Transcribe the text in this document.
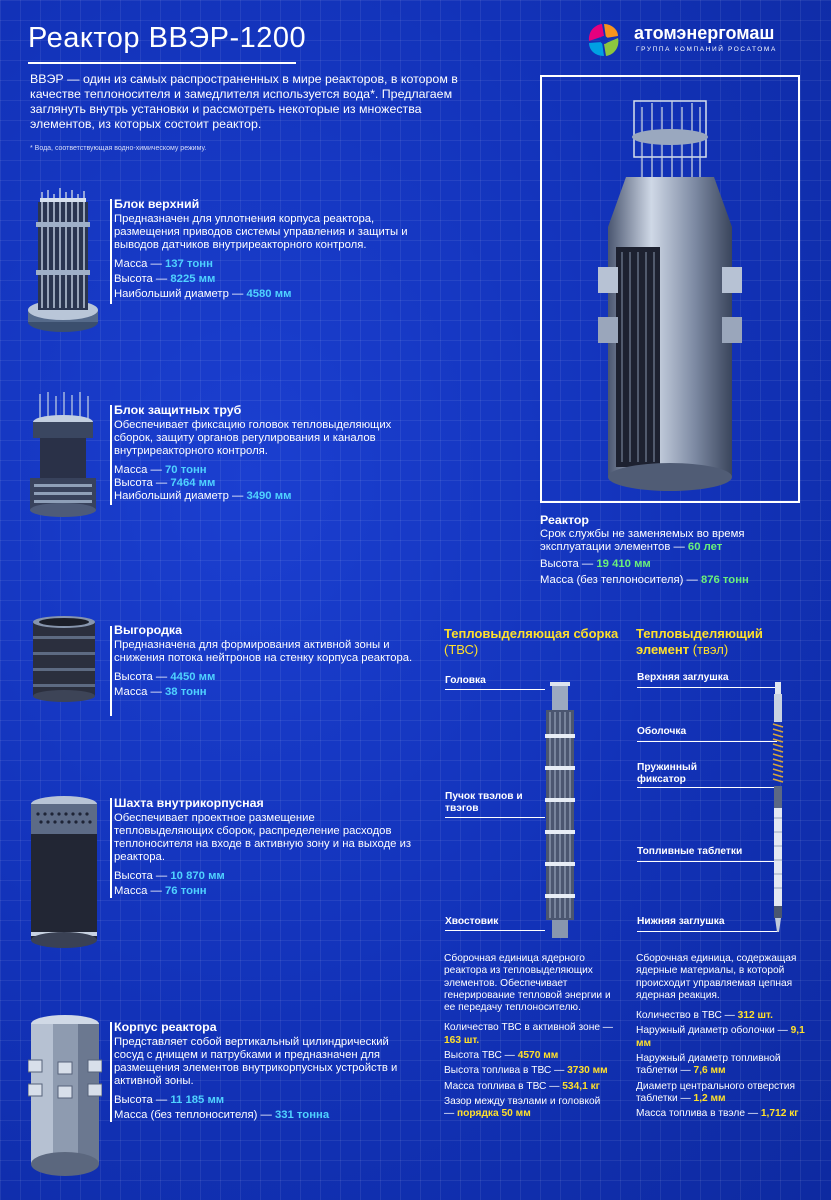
Реактор ВВЭР-1200
ВВЭР — один из самых распространенных в мире реакторов, в котором в качестве теплоносителя и замедлителя используется вода*. Предлагаем заглянуть внутрь установки и рассмотреть некоторые из множества элементов, из которых состоит реактор.
* Вода, соответствующая водно-химическому режиму.
атомэнергомаш
ГРУППА КОМПАНИЙ РОСАТОМА
Блок верхний
Предназначен для уплотнения корпуса реактора, размещения приводов системы управления и защиты и выводов датчиков внутриреакторного контроля.
Масса — 137 тонн
Высота — 8225 мм
Наибольший диаметр — 4580 мм
Блок защитных труб
Обеспечивает фиксацию головок тепловыделяющих сборок, защиту органов регулирования и каналов внутриреакторного контроля.
Масса — 70 тонн
Высота — 7464 мм
Наибольший диаметр — 3490 мм
Выгородка
Предназначена для формирования активной зоны и снижения потока нейтронов на стенку корпуса реактора.
Высота — 4450 мм
Масса — 38 тонн
Шахта внутрикорпусная
Обеспечивает проектное размещение тепловыделяющих сборок, распределение расходов теплоносителя на входе в активную зону и на выходе из реактора.
Высота — 10 870 мм
Масса — 76 тонн
Корпус реактора
Представляет собой вертикальный цилиндрический сосуд с днищем и патрубками и предназначен для размещения элементов внутрикорпусных устройств и активной зоны.
Высота — 11 185 мм
Масса (без теплоносителя) — 331 тонна
Реактор
Срок службы не заменяемых во время эксплуатации элементов — 60 лет
Высота — 19 410 мм
Масса (без теплоносителя) — 876 тонн
Тепловыделяющая сборка (ТВС)
Головка
Пучок твэлов и твэгов
Хвостовик
Сборочная единица ядерного реактора из тепловыделяющих элементов. Обеспечивает генерирование тепловой энергии и ее передачу теплоносителю.
Количество ТВС в активной зоне — 163 шт.
Высота ТВС — 4570 мм
Высота топлива в ТВС — 3730 мм
Масса топлива в ТВС — 534,1 кг
Зазор между твэлами и головкой — порядка 50 мм
Тепловыделяющий элемент (твэл)
Верхняя заглушка
Оболочка
Пружинный фиксатор
Топливные таблетки
Нижняя заглушка
Сборочная единица, содержащая ядерные материалы, в которой происходит управляемая цепная ядерная реакция.
Количество в ТВС — 312 шт.
Наружный диаметр оболочки — 9,1 мм
Наружный диаметр топливной таблетки — 7,6 мм
Диаметр центрального отверстия таблетки — 1,2 мм
Масса топлива в твэле — 1,712 кг
